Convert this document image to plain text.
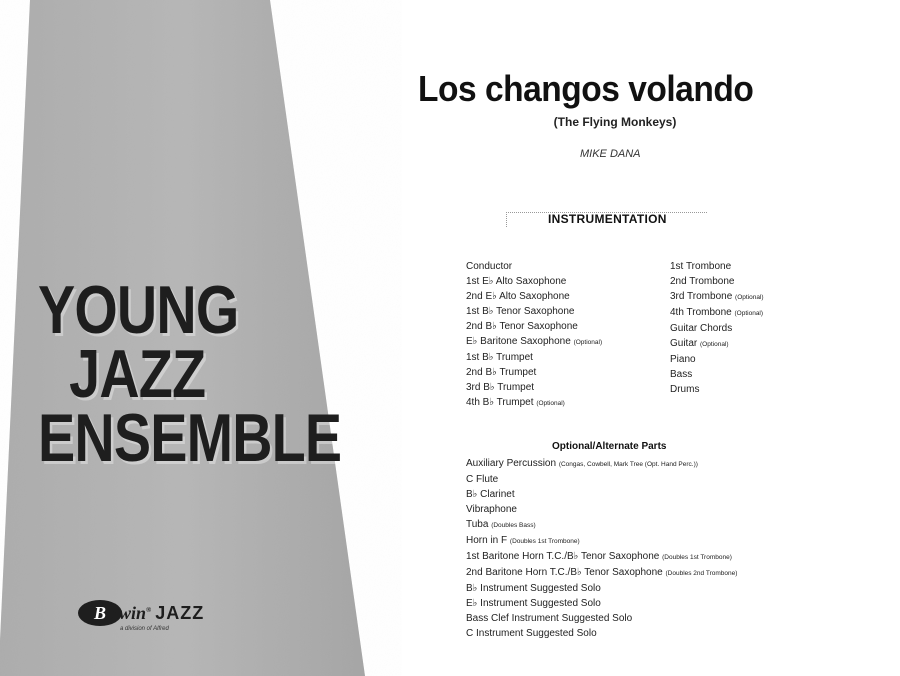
YOUNG
JAZZ
ENSEMBLE
B elwin® JAZZ
a division of Alfred
Los changos volando
(The Flying Monkeys)
MIKE DANA
INSTRUMENTATION
Conductor
1st E♭ Alto Saxophone
2nd E♭ Alto Saxophone
1st B♭ Tenor Saxophone
2nd B♭ Tenor Saxophone
E♭ Baritone Saxophone (Optional)
1st B♭ Trumpet
2nd B♭ Trumpet
3rd B♭ Trumpet
4th B♭ Trumpet (Optional)
1st Trombone
2nd Trombone
3rd Trombone (Optional)
4th Trombone (Optional)
Guitar Chords
Guitar (Optional)
Piano
Bass
Drums
Optional/Alternate Parts
Auxiliary Percussion (Congas, Cowbell, Mark Tree (Opt. Hand Perc.))
C Flute
B♭ Clarinet
Vibraphone
Tuba (Doubles Bass)
Horn in F (Doubles 1st Trombone)
1st Baritone Horn T.C./B♭ Tenor Saxophone (Doubles 1st Trombone)
2nd Baritone Horn T.C./B♭ Tenor Saxophone (Doubles 2nd Trombone)
B♭ Instrument Suggested Solo
E♭ Instrument Suggested Solo
Bass Clef Instrument Suggested Solo
C Instrument Suggested Solo
